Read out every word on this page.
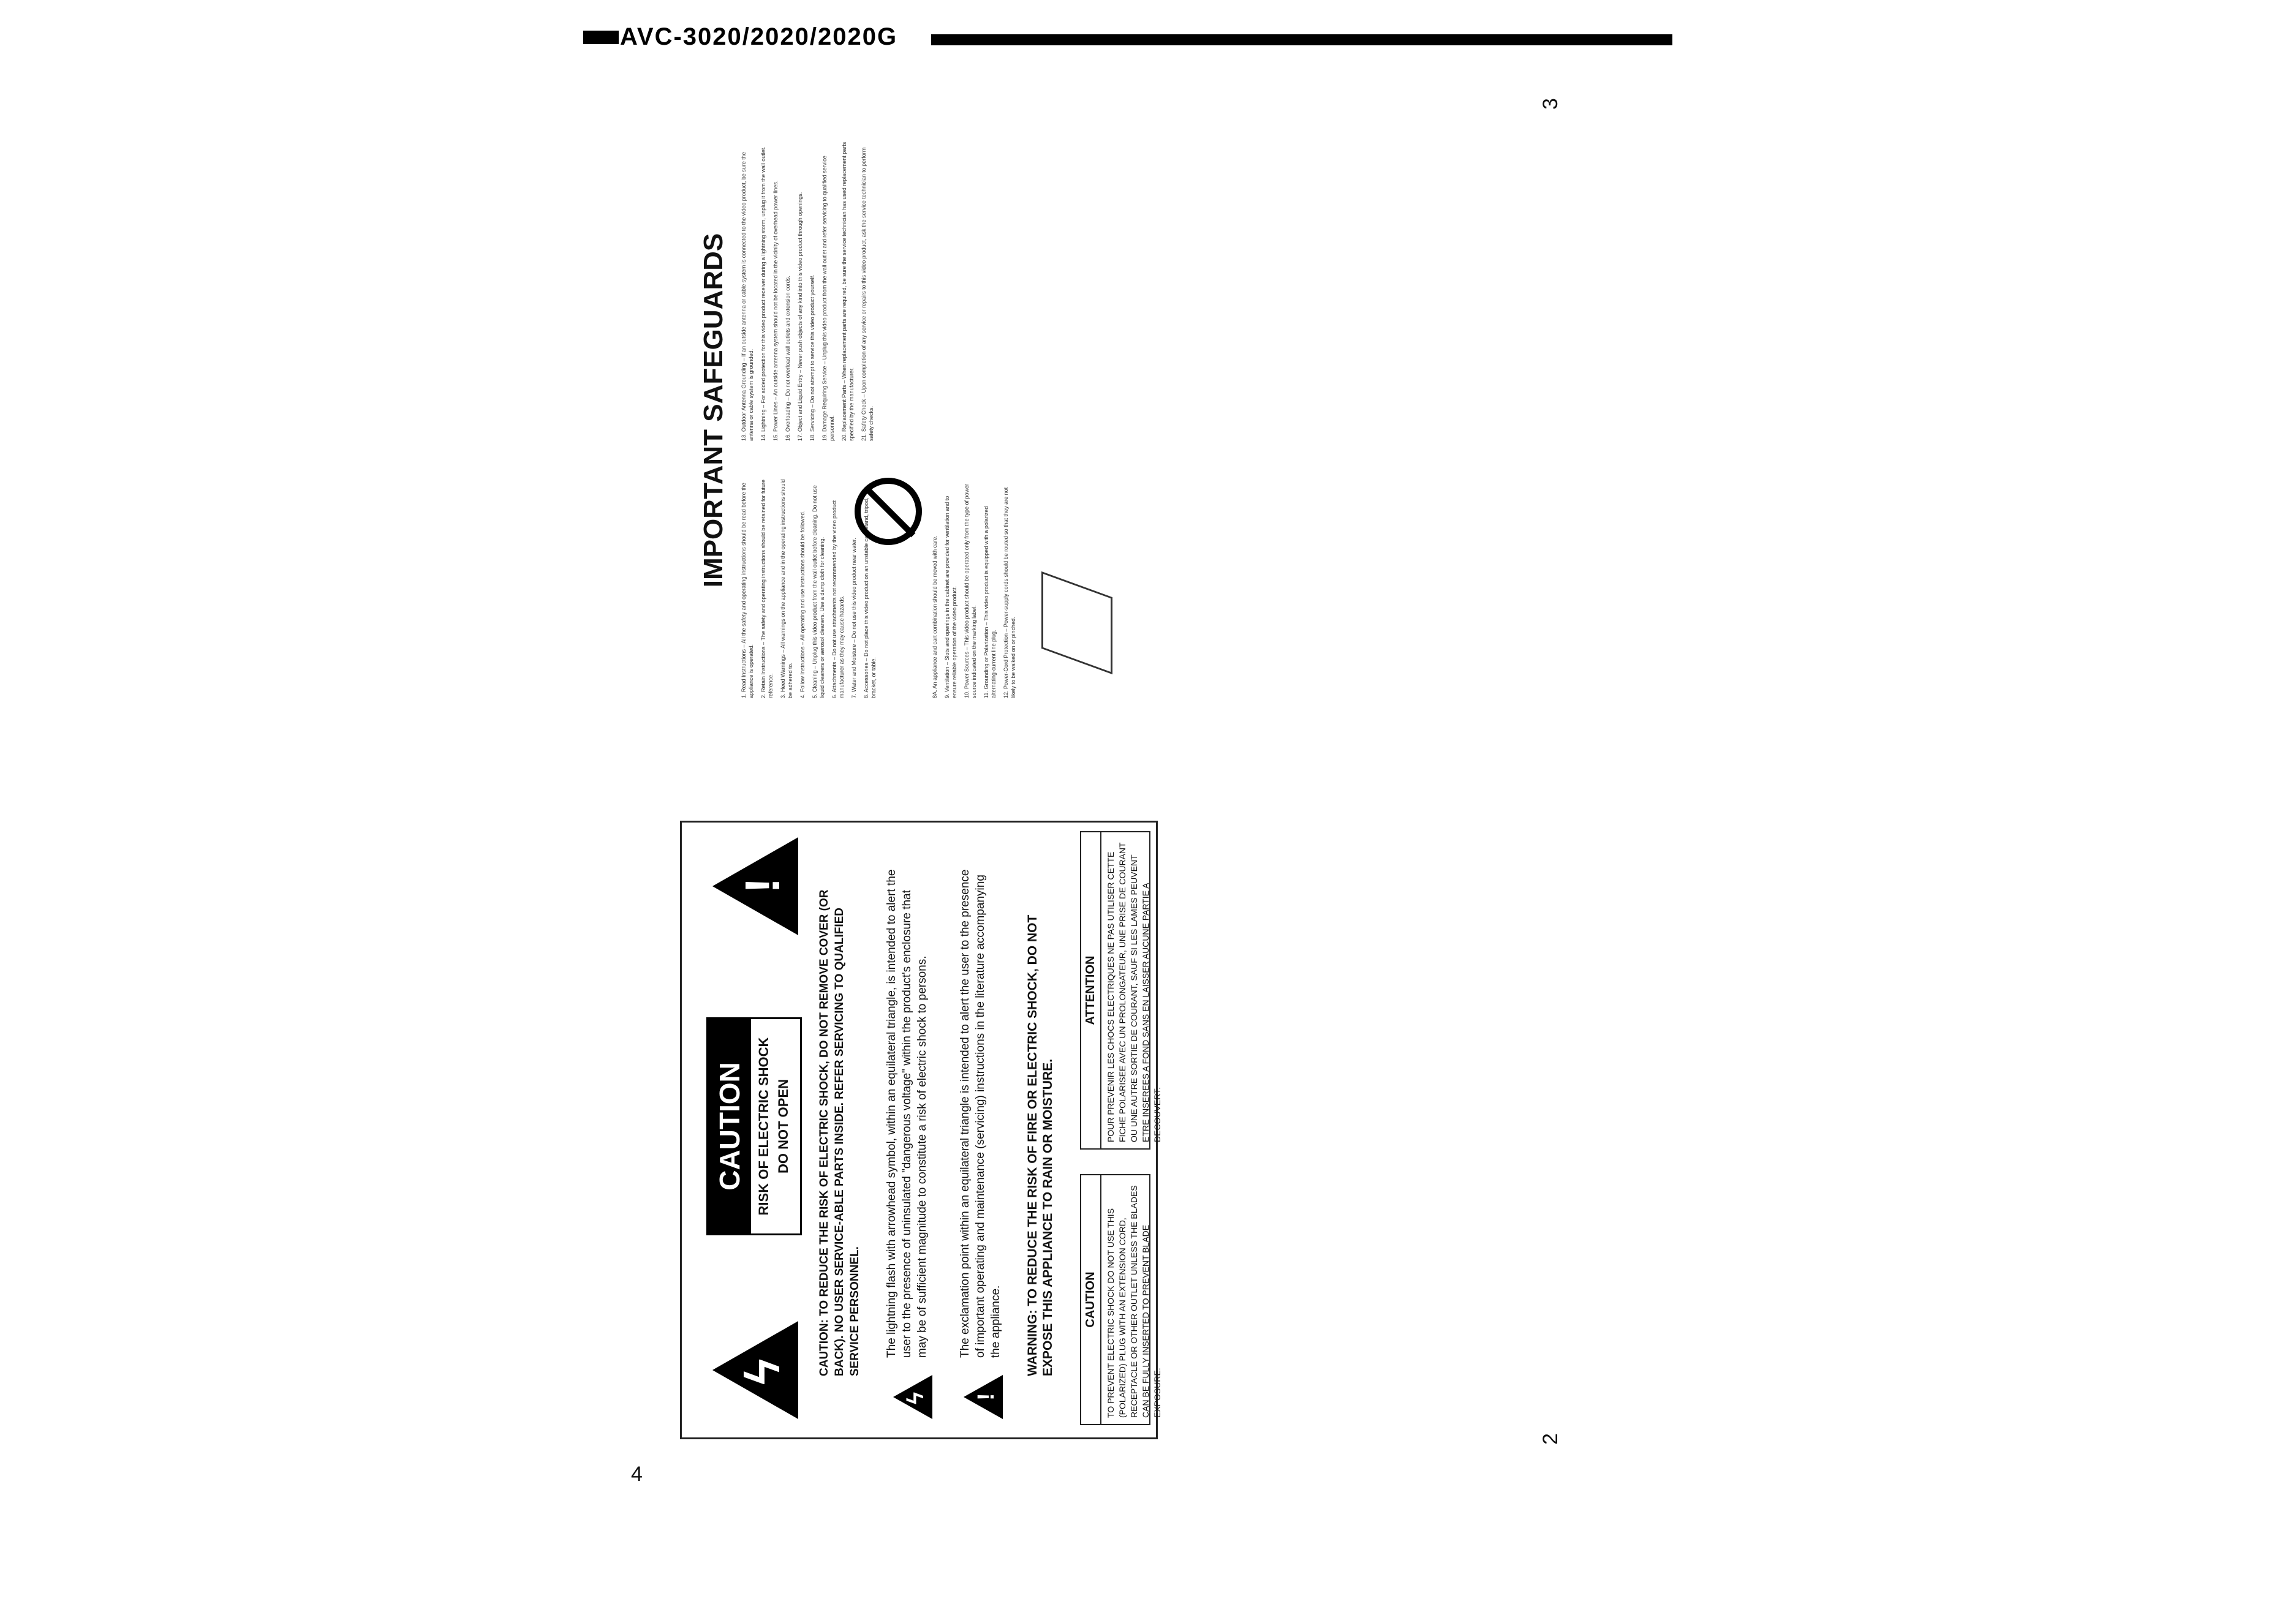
AVC-3020/2020/2020G
4
3
2
ϟ
!
CAUTION RISK OF ELECTRIC SHOCK DO NOT OPEN CAUTION: TO REDUCE THE RISK OF ELECTRIC SHOCK, DO NOT REMOVE COVER (OR BACK). NO USER SERVICE-ABLE PARTS INSIDE. REFER SERVICING TO QUALIFIED SERVICE PERSONNEL.
ϟ
The lightning flash with arrowhead symbol, within an equilateral triangle, is intended to alert the user to the presence of uninsulated "dangerous voltage" within the product's enclosure that may be of sufficient magnitude to constitute a risk of electric shock to persons.
!
The exclamation point within an equilateral triangle is intended to alert the user to the presence of important operating and maintenance (servicing) instructions in the literature accompanying the appliance. WARNING: TO REDUCE THE RISK OF FIRE OR ELECTRIC SHOCK, DO NOT EXPOSE THIS APPLIANCE TO RAIN OR MOISTURE. CAUTION	TO PREVENT ELECTRIC SHOCK DO NOT USE THIS (POLARIZED) PLUG WITH AN EXTENSION CORD, RECEPTACLE OR OTHER OUTLET UNLESS THE BLADES CAN BE FULLY INSERTED TO PREVENT BLADE EXPOSURE.
ATTENTION	POUR PREVENIR LES CHOCS ELECTRIQUES NE PAS UTILISER CETTE FICHE POLARISEE AVEC UN PROLONGATEUR, UNE PRISE DE COURANT OU UNE AUTRE SORTIE DE COURANT, SAUF SI LES LAMES PEUVENT ETRE INSEREES A FOND SANS EN LAISSER AUCUNE PARTIE A DECOUVERT.
IMPORTANT SAFEGUARDS

1. Read Instructions – All the safety and operating instructions should be read before the appliance is operated. 2. Retain Instructions – The safety and operating instructions should be retained for future reference. 3. Heed Warnings – All warnings on the appliance and in the operating instructions should be adhered to. 4. Follow Instructions – All operating and use instructions should be followed. 5. Cleaning – Unplug this video product from the wall outlet before cleaning. Do not use liquid cleaners or aerosol cleaners. Use a damp cloth for cleaning. 6. Attachments – Do not use attachments not recommended by the video product manufacturer as they may cause hazards. 7. Water and Moisture – Do not use this video product near water. 8. Accessories – Do not place this video product on an unstable cart, stand, tripod, bracket, or table.	8A. An appliance and cart combination should be moved with care. 9. Ventilation – Slots and openings in the cabinet are provided for ventilation and to ensure reliable operation of the video product. 10. Power Sources – This video product should be operated only from the type of power source indicated on the marking label. 11. Grounding or Polarization – This video product is equipped with a polarized alternating-current line plug. 12. Power-Cord Protection – Power-supply cords should be routed so that they are not likely to be walked on or pinched.

13. Outdoor Antenna Grounding – If an outside antenna or cable system is connected to the video product, be sure the antenna or cable system is grounded. 14. Lightning – For added protection for this video product receiver during a lightning storm, unplug it from the wall outlet. 15. Power Lines – An outside antenna system should not be located in the vicinity of overhead power lines. 16. Overloading – Do not overload wall outlets and extension cords. 17. Object and Liquid Entry – Never push objects of any kind into this video product through openings. 18. Servicing – Do not attempt to service this video product yourself. 19. Damage Requiring Service – Unplug this video product from the wall outlet and refer servicing to qualified service personnel. 20. Replacement Parts – When replacement parts are required, be sure the service technician has used replacement parts specified by the manufacturer. 21. Safety Check – Upon completion of any service or repairs to this video product, ask the service technician to perform safety checks.
